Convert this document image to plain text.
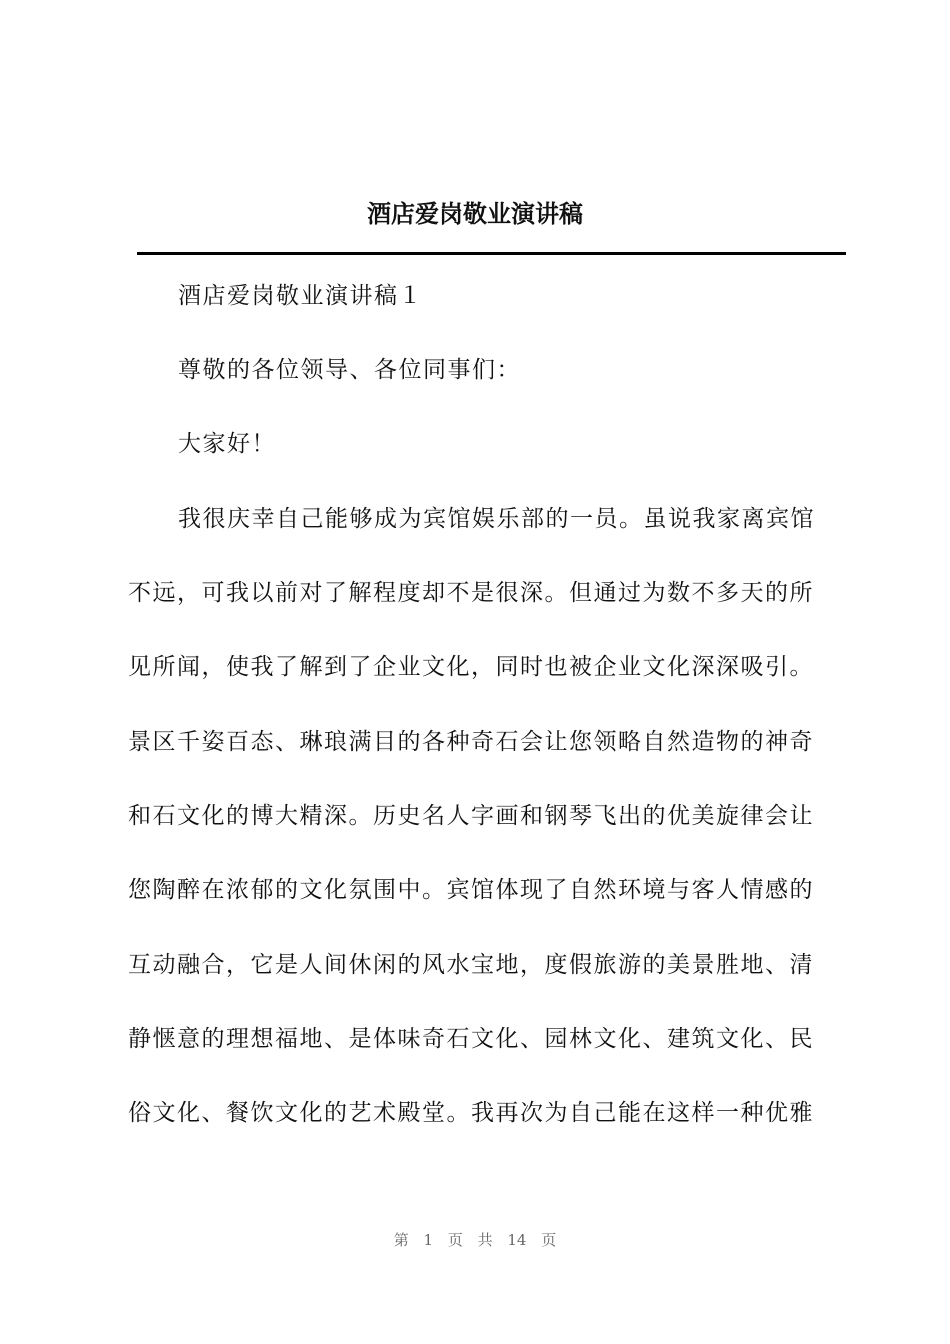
酒店爱岗敬业演讲稿
酒店爱岗敬业演讲稿１
尊敬的各位领导、各位同事们：
大家好！
我很庆幸自己能够成为宾馆娱乐部的一员。虽说我家离宾馆
不远，可我以前对了解程度却不是很深。但通过为数不多天的所
见所闻，使我了解到了企业文化，同时也被企业文化深深吸引。
景区千姿百态、琳琅满目的各种奇石会让您领略自然造物的神奇
和石文化的博大精深。历史名人字画和钢琴飞出的优美旋律会让
您陶醉在浓郁的文化氛围中。宾馆体现了自然环境与客人情感的
互动融合，它是人间休闲的风水宝地，度假旅游的美景胜地、清
静惬意的理想福地、是体味奇石文化、园林文化、建筑文化、民
俗文化、餐饮文化的艺术殿堂。我再次为自己能在这样一种优雅
第 1 页 共 14 页
